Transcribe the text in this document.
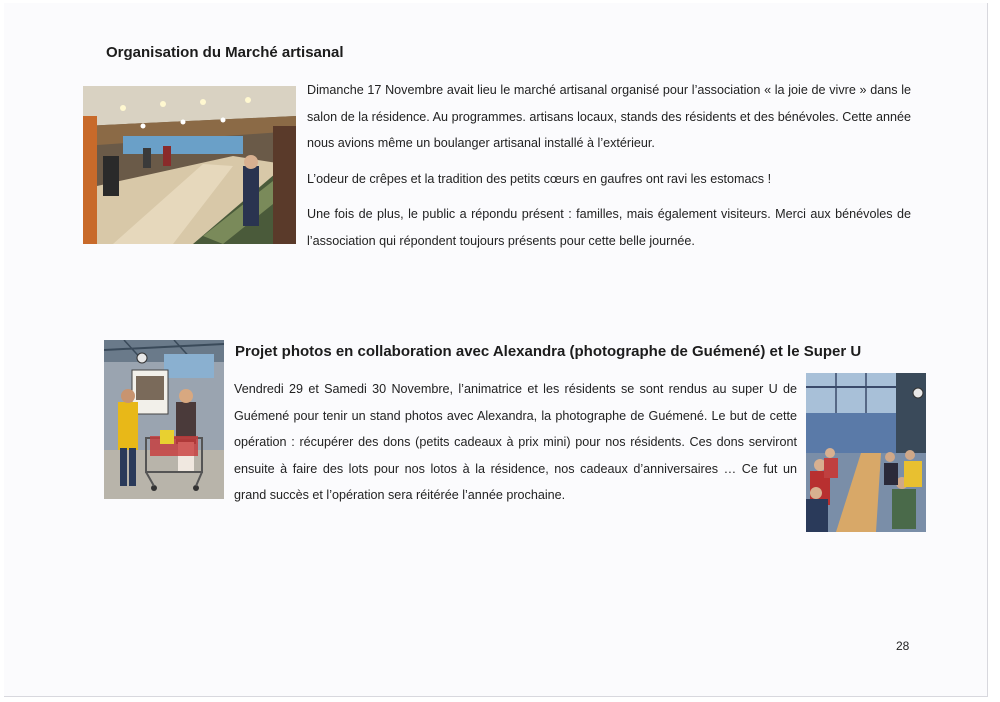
Organisation du Marché artisanal

Dimanche 17 Novembre avait lieu le marché artisanal organisé pour l’association « la joie de vivre » dans le salon de la résidence. Au programmes. artisans locaux, stands des résidents et des bénévoles. Cette année nous avions même un boulanger artisanal installé à l’extérieur.

L’odeur de crêpes et la tradition des petits cœurs en gaufres ont ravi les estomacs !

Une fois de plus, le public a répondu présent : familles, mais également visiteurs. Merci aux bénévoles de l’association qui répondent toujours présents pour cette belle journée.

Projet photos en collaboration avec Alexandra (photographe de Guémené) et le Super U

Vendredi 29 et Samedi 30 Novembre, l’animatrice et les résidents se sont rendus au super U de Guémené pour tenir un stand photos avec Alexandra, la photographe de Guémené. Le but de cette opération : récupérer des dons (petits cadeaux à prix mini) pour nos résidents. Ces dons serviront ensuite à faire des lots pour nos lotos à la résidence, nos cadeaux d’anniversaires … Ce fut un grand succès et l’opération sera réitérée l’année prochaine.

28
